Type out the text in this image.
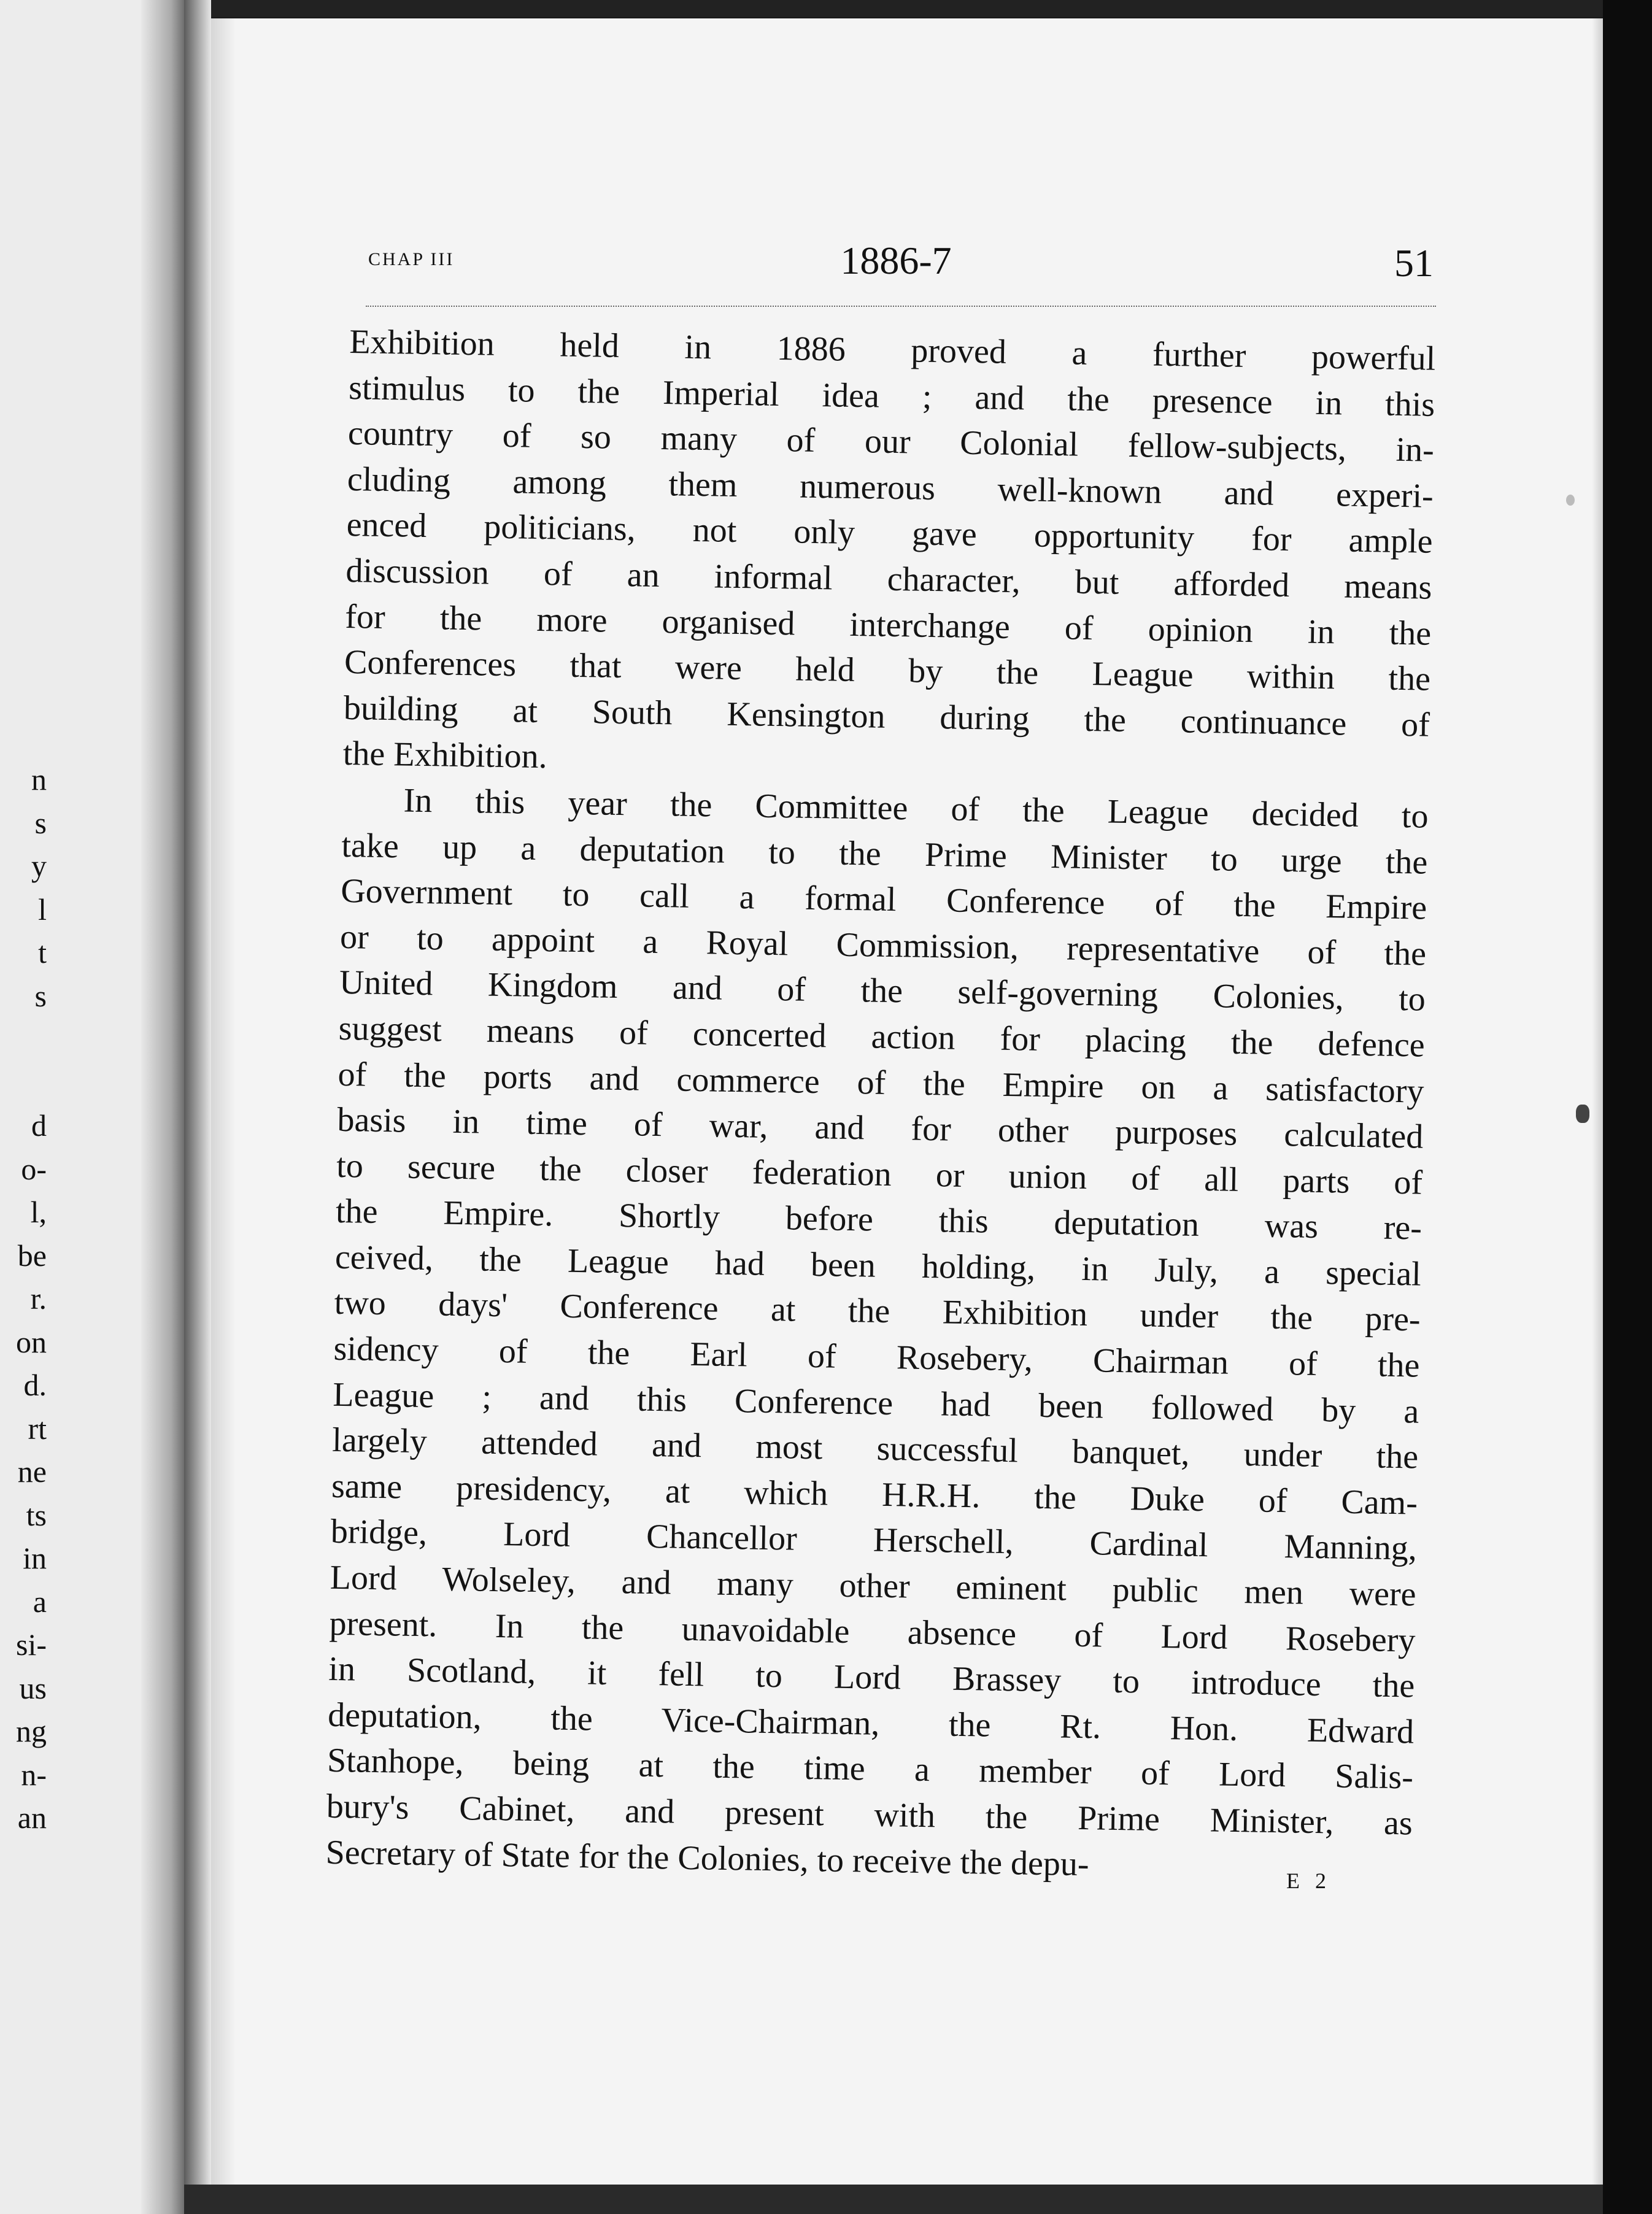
n
s
y
l
t
s

d
o-
l,
be
r.
on
d.
rt
ne
ts
in
a
si-
us
ng
n-
an
CHAP III	1886-7	51
Exhibition held in 1886 proved a further powerful
stimulus to the Imperial idea ; and the presence in this
country of so many of our Colonial fellow-subjects, in-
cluding among them numerous well-known and experi-
enced politicians, not only gave opportunity for ample
discussion of an informal character, but afforded means
for the more organised interchange of opinion in the
Conferences that were held by the League within the
building at South Kensington during the continuance of
the Exhibition.
In this year the Committee of the League decided to
take up a deputation to the Prime Minister to urge the
Government to call a formal Conference of the Empire
or to appoint a Royal Commission, representative of the
United Kingdom and of the self-governing Colonies, to
suggest means of concerted action for placing the defence
of the ports and commerce of the Empire on a satisfactory
basis in time of war, and for other purposes calculated
to secure the closer federation or union of all parts of
the Empire. Shortly before this deputation was re-
ceived, the League had been holding, in July, a special
two days' Conference at the Exhibition under the pre-
sidency of the Earl of Rosebery, Chairman of the
League ; and this Conference had been followed by a
largely attended and most successful banquet, under the
same presidency, at which H.R.H. the Duke of Cam-
bridge, Lord Chancellor Herschell, Cardinal Manning,
Lord Wolseley, and many other eminent public men were
present. In the unavoidable absence of Lord Rosebery
in Scotland, it fell to Lord Brassey to introduce the
deputation, the Vice-Chairman, the Rt. Hon. Edward
Stanhope, being at the time a member of Lord Salis-
bury's Cabinet, and present with the Prime Minister, as
Secretary of State for the Colonies, to receive the depu-	E 2
